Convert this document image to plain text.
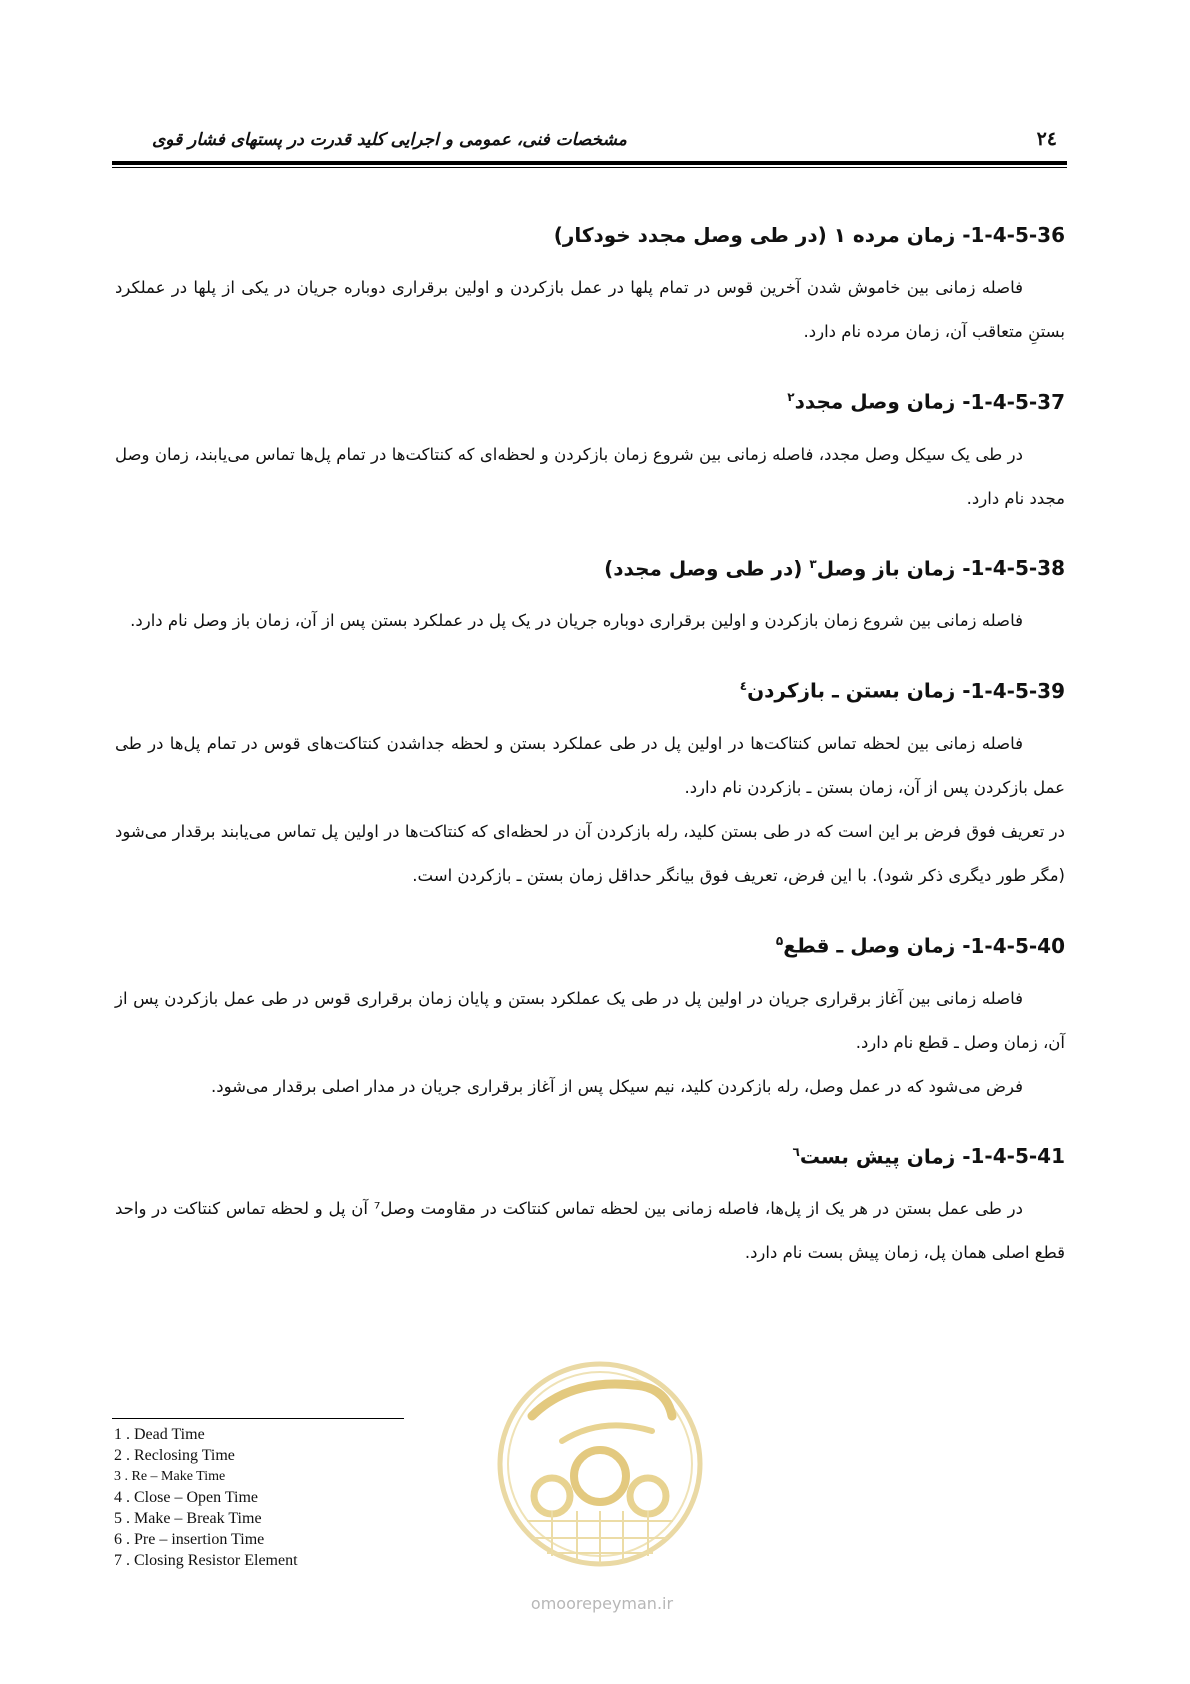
مشخصات فنی، عمومی و اجرایی کلید قدرت در پستهای فشار قوی	۲٤
1-4-5-36- زمان مرده ۱ (در طی وصل مجدد خودکار)

فاصله زمانی بین خاموش شدن آخرین قوس در تمام پلها در عمل بازکردن و اولین برقراری دوباره جریان در یکی از پلها در عملکرد بستنِ متعاقب آن، زمان مرده نام دارد.

1-4-5-37- زمان وصل مجدد$^۲$

در طی یک سیکل وصل مجدد، فاصله زمانی بین شروع زمان بازکردن و لحظه‌ای که کنتاکت‌ها در تمام پل‌ها تماس می‌یابند، زمان وصل مجدد نام دارد.

1-4-5-38- زمان باز وصل$^۳$ (در طی وصل مجدد)

فاصله زمانی بین شروع زمان بازکردن و اولین برقراری دوباره جریان در یک پل در عملکرد بستن پس از آن، زمان باز وصل نام دارد.

1-4-5-39- زمان بستن ـ بازکردن$^٤$

فاصله زمانی بین لحظه تماس کنتاکت‌ها در اولین پل در طی عملکرد بستن و لحظه جداشدن کنتاکت‌های قوس در تمام پل‌ها در طی عمل بازکردن پس از آن، زمان بستن ـ بازکردن نام دارد.

در تعریف فوق فرض بر این است که در طی بستن کلید، رله بازکردن آن در لحظه‌ای که کنتاکت‌ها در اولین پل تماس می‌یابند برقدار می‌شود (مگر طور دیگری ذکر شود). با این فرض، تعریف فوق بیانگر حداقل زمان بستن ـ بازکردن است.

1-4-5-40- زمان وصل ـ قطع$^۵$

فاصله زمانی بین آغاز برقراری جریان در اولین پل در طی یک عملکرد بستن و پایان زمان برقراری قوس در طی عمل بازکردن پس از آن، زمان وصل ـ قطع نام دارد.

فرض می‌شود که در عمل وصل، رله بازکردن کلید، نیم سیکل پس از آغاز برقراری جریان در مدار اصلی برقدار می‌شود.

1-4-5-41- زمان پیش بست$^٦$

در طی عمل بستن در هر یک از پل‌ها، فاصله زمانی بین لحظه تماس کنتاکت در مقاومت وصل⁷ آن پل و لحظه تماس کنتاکت در واحد قطع اصلی همان پل، زمان پیش بست نام دارد.

omoorepeyman.ir
1 . Dead Time
2 . Reclosing Time
3 . Re – Make Time
4 . Close – Open Time
5 . Make – Break Time
6 . Pre – insertion Time
7 . Closing Resistor Element
